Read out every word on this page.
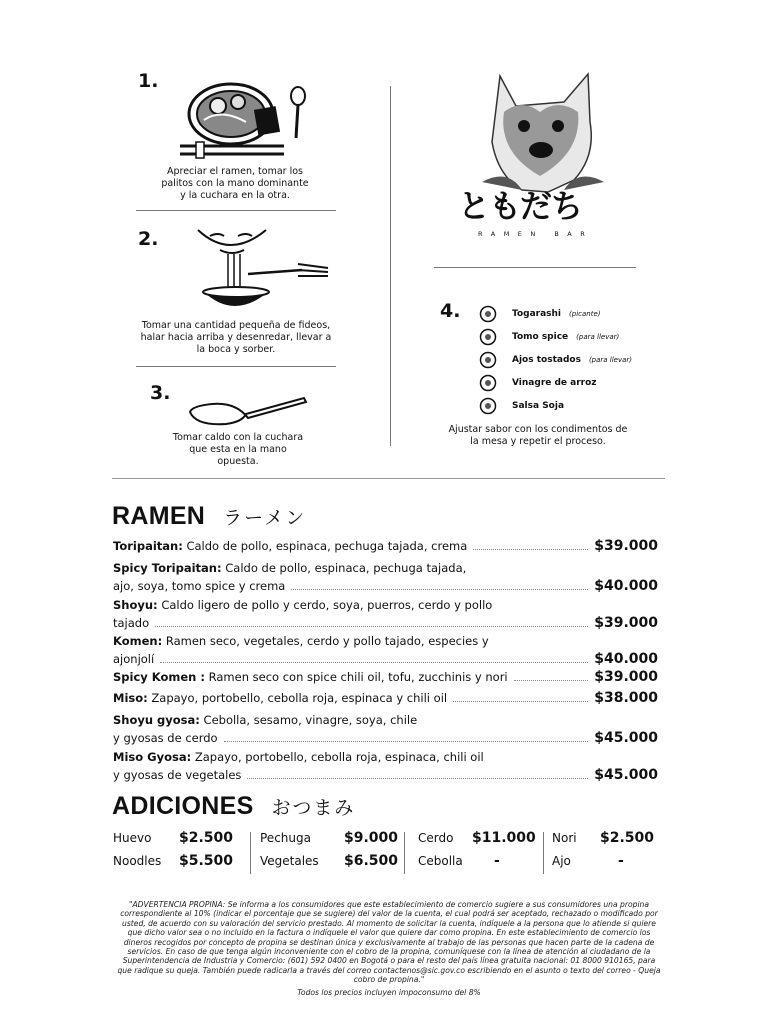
1.
Apreciar el ramen, tomar los palitos con la mano dominante y la cuchara en la otra.
2.
Tomar una cantidad pequeña de fideos, halar hacia arriba y desenredar, llevar a la boca y sorber.
3.
Tomar caldo con la cuchara que esta en la mano opuesta.
ともだち
RAMEN BAR
4.	Togarashi (picante)
Tomo spice (para llevar)
Ajos tostados (para llevar)
Vinagre de arroz
Salsa Soja
Ajustar sabor con los condimentos de la mesa y repetir el proceso.
RAMEN ラーメン
Toripaitan: Caldo de pollo, espinaca, pechuga tajada, crema	$39.000
Spicy Toripaitan: Caldo de pollo, espinaca, pechuga tajada,
ajo, soya, tomo spice y crema	$40.000
Shoyu: Caldo ligero de pollo y cerdo, soya, puerros, cerdo y pollo
tajado	$39.000
Komen: Ramen seco, vegetales, cerdo y pollo tajado, especies y
ajonjolí	$40.000
Spicy Komen : Ramen seco con spice chili oil, tofu, zucchinis y nori	$39.000
Miso: Zapayo, portobello, cebolla roja, espinaca y chili oil	$38.000
Shoyu gyosa: Cebolla, sesamo, vinagre, soya, chile
y gyosas de cerdo	$45.000
Miso Gyosa: Zapayo, portobello, cebolla roja, espinaca, chili oil
y gyosas de vegetales	$45.000
ADICIONES おつまみ
Huevo	$2.500 Pechuga	$9.000 Cerdo	$11.000 Nori	$2.500
Noodles	$5.500 Vegetales	$6.500 Cebolla	-	Ajo	-
"ADVERTENCIA PROPINA: Se informa a los consumidores que este establecimiento de comercio sugiere a sus consumidores una propina correspondiente al 10% (indicar el porcentaje que se sugiere) del valor de la cuenta, el cual podrá ser aceptado, rechazado o modificado por usted, de acuerdo con su valoración del servicio prestado. Al momento de solicitar la cuenta, indíquele a la persona que lo atiende si quiere que dicho valor sea o no incluido en la factura o indíquele el valor que quiere dar como propina. En este establecimiento de comercio los dineros recogidos por concepto de propina se destinan única y exclusivamente al trabajo de las personas que hacen parte de la cadena de servicios. En caso de que tenga algún inconveniente con el cobro de la propina, comuníquese con la línea de atención al ciudadano de la Superintendencia de Industria y Comercio: (601) 592 0400 en Bogotá o para el resto del país línea gratuita nacional: 01 8000 910165, para que radique su queja. También puede radicarla a través del correo contactenos@sic.gov.co escribiendo en el asunto o texto del correo - Queja cobro de propina."
Todos los precios incluyen impoconsumo del 8%
